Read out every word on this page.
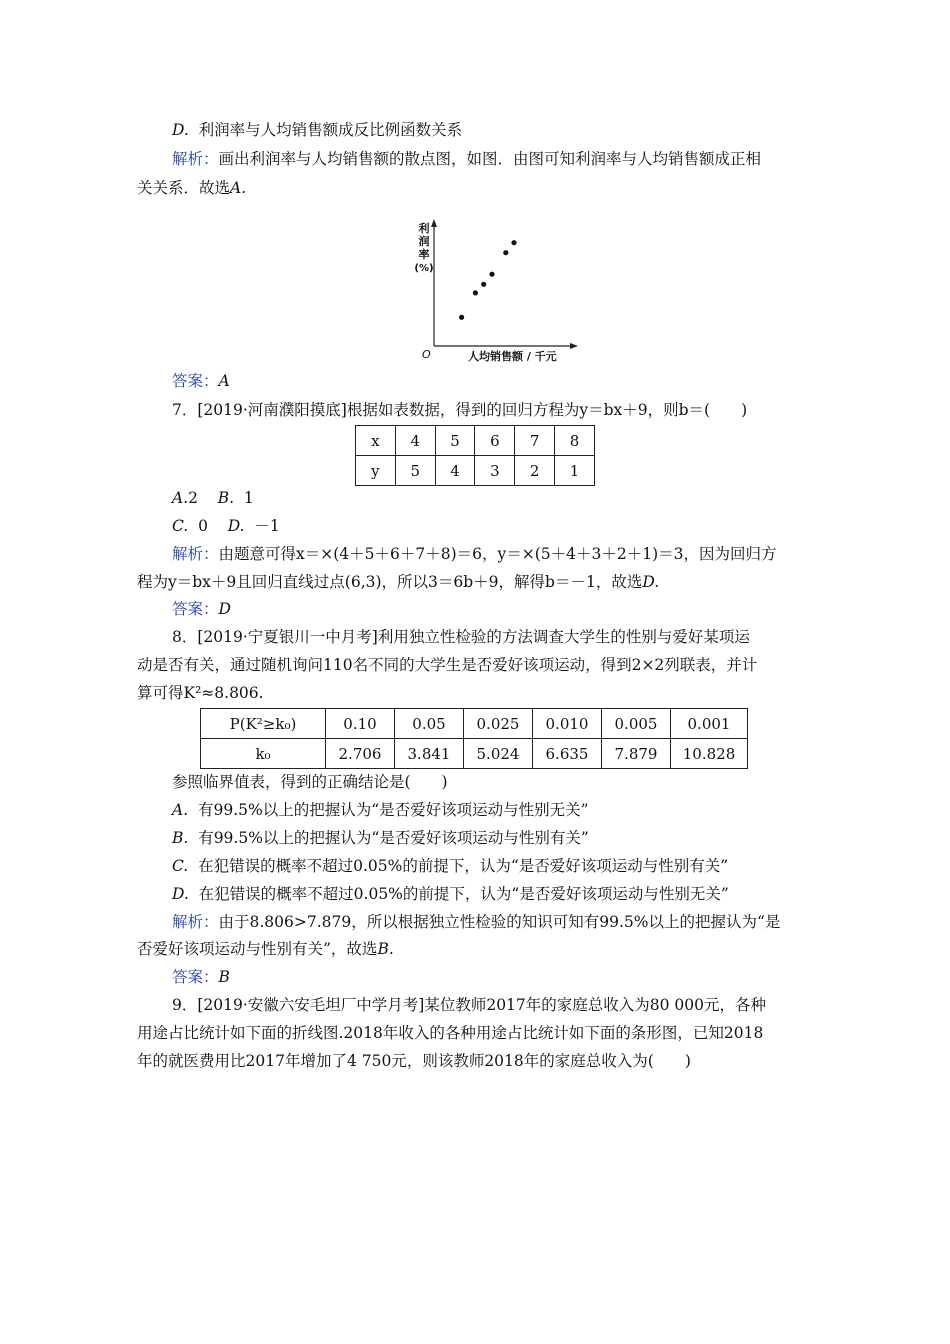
D. 利润率与人均销售额成反比例函数关系
解析：画出利润率与人均销售额的散点图，如图．由图可知利润率与人均销售额成正相
关关系．故选A.
利
润
率
(%)
O	人均销售额 / 千元
答案：A
7．[2019·河南濮阳摸底]根据如表数据，得到的回归方程为y＝bx＋9，则b＝(　　)
x	4	5	6	7	8
y	5	4	3	2	1
A.2 B. 1
C. 0 D. －1
解析：由题意可得x＝×(4＋5＋6＋7＋8)＝6，y＝×(5＋4＋3＋2＋1)＝3，因为回归方
程为y＝bx＋9且回归直线过点(6,3)，所以3＝6b＋9，解得b＝－1，故选D.
答案：D
8．[2019·宁夏银川一中月考]利用独立性检验的方法调查大学生的性别与爱好某项运
动是否有关，通过随机询问110名不同的大学生是否爱好该项运动，得到2×2列联表，并计
算可得K²≈8.806.
P(K²≥k₀)	0.10	0.05	0.025	0.010	0.005	0.001
k₀	2.706	3.841	5.024	6.635	7.879	10.828
参照临界值表，得到的正确结论是(　　)
A. 有99.5%以上的把握认为“是否爱好该项运动与性别无关”
B. 有99.5%以上的把握认为“是否爱好该项运动与性别有关”
C. 在犯错误的概率不超过0.05%的前提下，认为“是否爱好该项运动与性别有关”
D. 在犯错误的概率不超过0.05%的前提下，认为“是否爱好该项运动与性别无关”
解析：由于8.806>7.879，所以根据独立性检验的知识可知有99.5%以上的把握认为“是
否爱好该项运动与性别有关”，故选B.
答案：B
9．[2019·安徽六安毛坦厂中学月考]某位教师2017年的家庭总收入为80 000元，各种
用途占比统计如下面的折线图.2018年收入的各种用途占比统计如下面的条形图，已知2018
年的就医费用比2017年增加了4 750元，则该教师2018年的家庭总收入为(　　)
